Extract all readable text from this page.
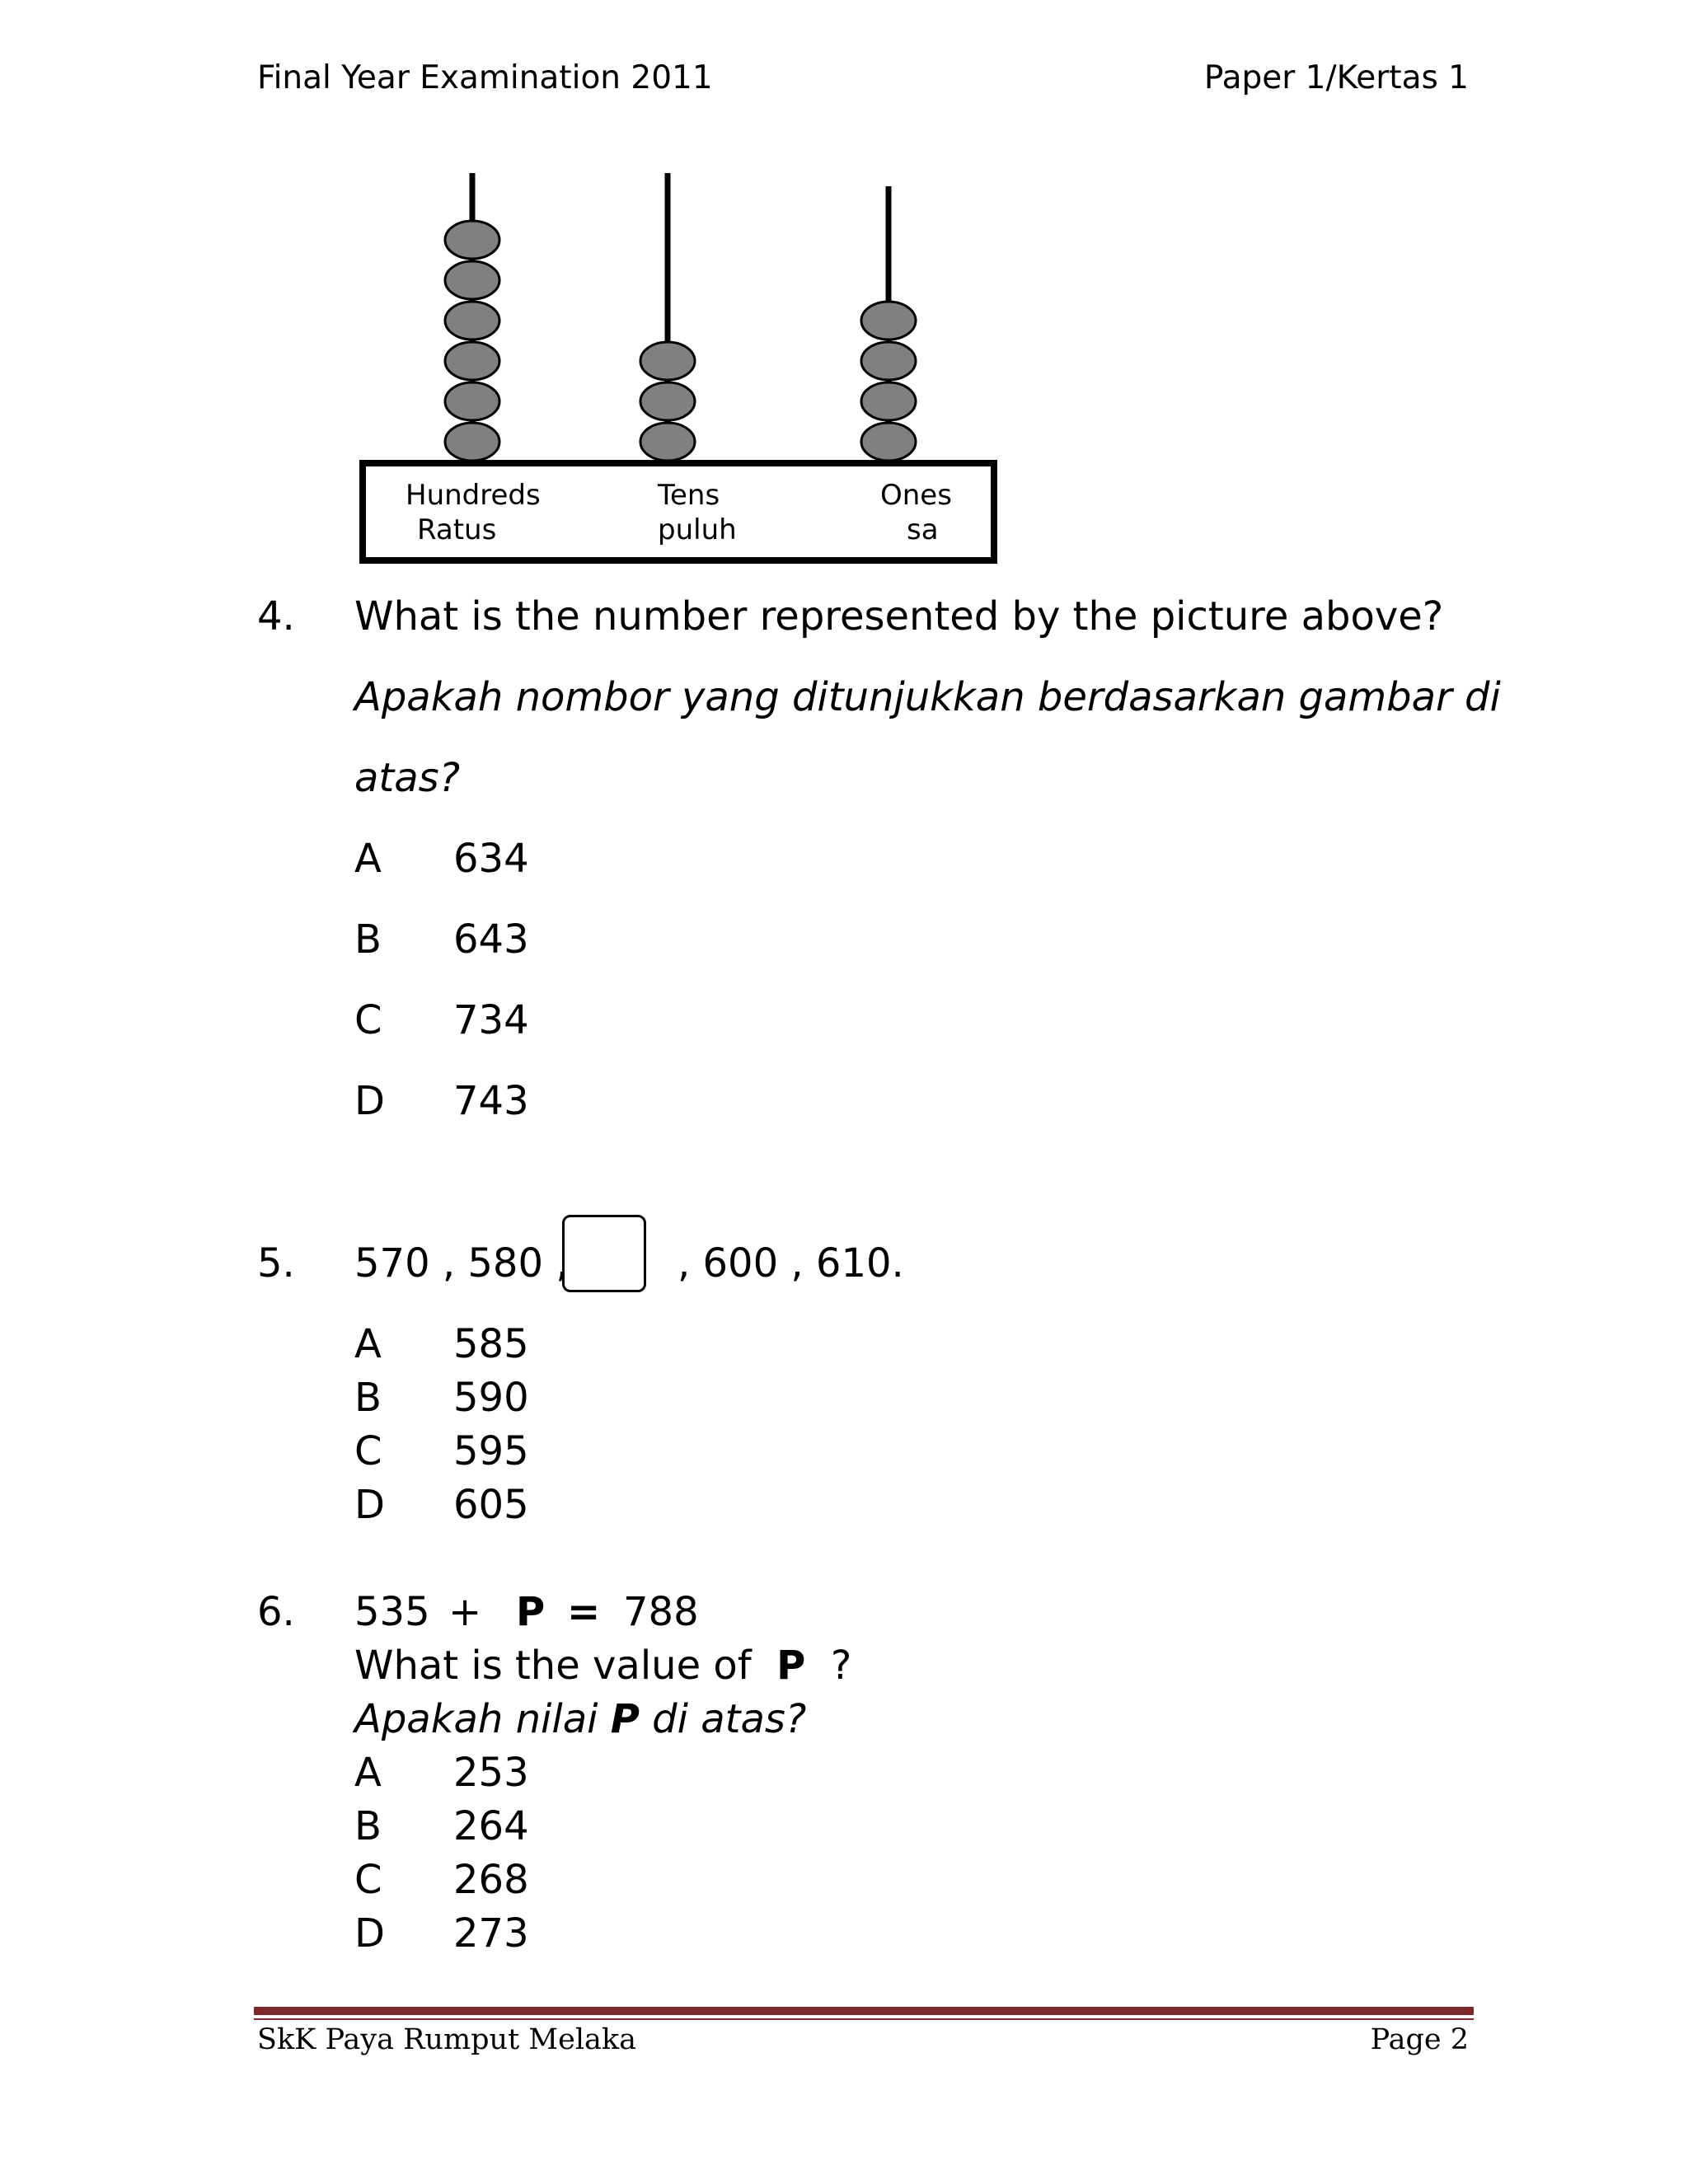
Final Year Examination 2011	Paper 1/Kertas 1
Hundreds
Ratus
Tens
puluh
Ones
sa
4. What is the number represented by the picture above?
Apakah nombor yang ditunjukkan berdasarkan gambar di
atas?
A 634
B 643
C 734
D 743
5. 570 , 580 ,	, 600 , 610.
A 585
B 590
C 595
D 605
6. 535 + P = 788
What is the value of P ?
Apakah nilai P di atas?
A 253
B 264
C 268
D 273
SkK Paya Rumput Melaka	Page 2
